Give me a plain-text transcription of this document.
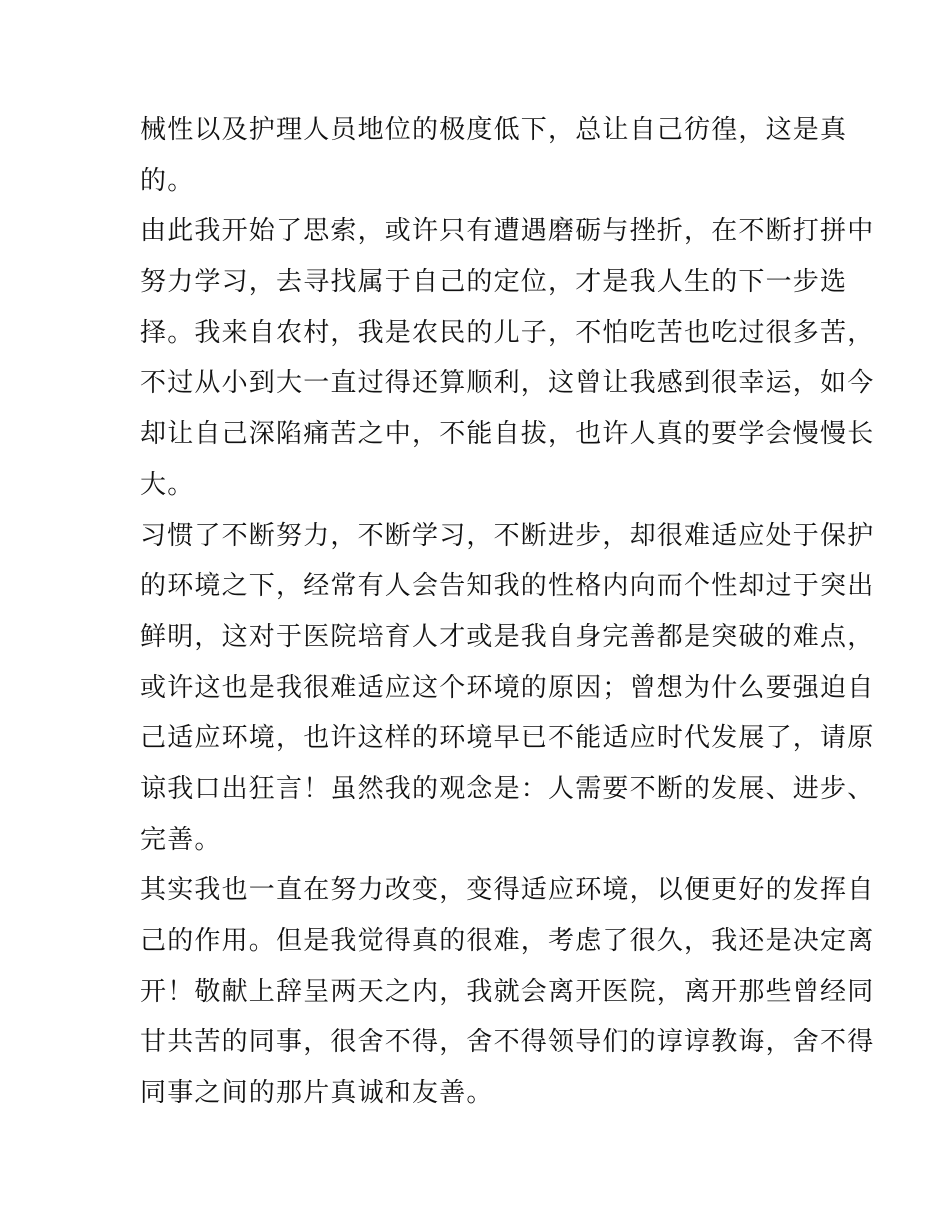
械性以及护理人员地位的极度低下，总让自己彷徨，这是真
的。
由此我开始了思索，或许只有遭遇磨砺与挫折，在不断打拼中
努力学习，去寻找属于自己的定位，才是我人生的下一步选
择。我来自农村，我是农民的儿子，不怕吃苦也吃过很多苦，
不过从小到大一直过得还算顺利，这曾让我感到很幸运，如今
却让自己深陷痛苦之中，不能自拔，也许人真的要学会慢慢长
大。
习惯了不断努力，不断学习，不断进步，却很难适应处于保护
的环境之下，经常有人会告知我的性格内向而个性却过于突出
鲜明，这对于医院培育人才或是我自身完善都是突破的难点，
或许这也是我很难适应这个环境的原因；曾想为什么要强迫自
己适应环境，也许这样的环境早已不能适应时代发展了，请原
谅我口出狂言！虽然我的观念是：人需要不断的发展、进步、
完善。
其实我也一直在努力改变，变得适应环境，以便更好的发挥自
己的作用。但是我觉得真的很难，考虑了很久，我还是决定离
开！敬献上辞呈两天之内，我就会离开医院，离开那些曾经同
甘共苦的同事，很舍不得，舍不得领导们的谆谆教诲，舍不得
同事之间的那片真诚和友善。
